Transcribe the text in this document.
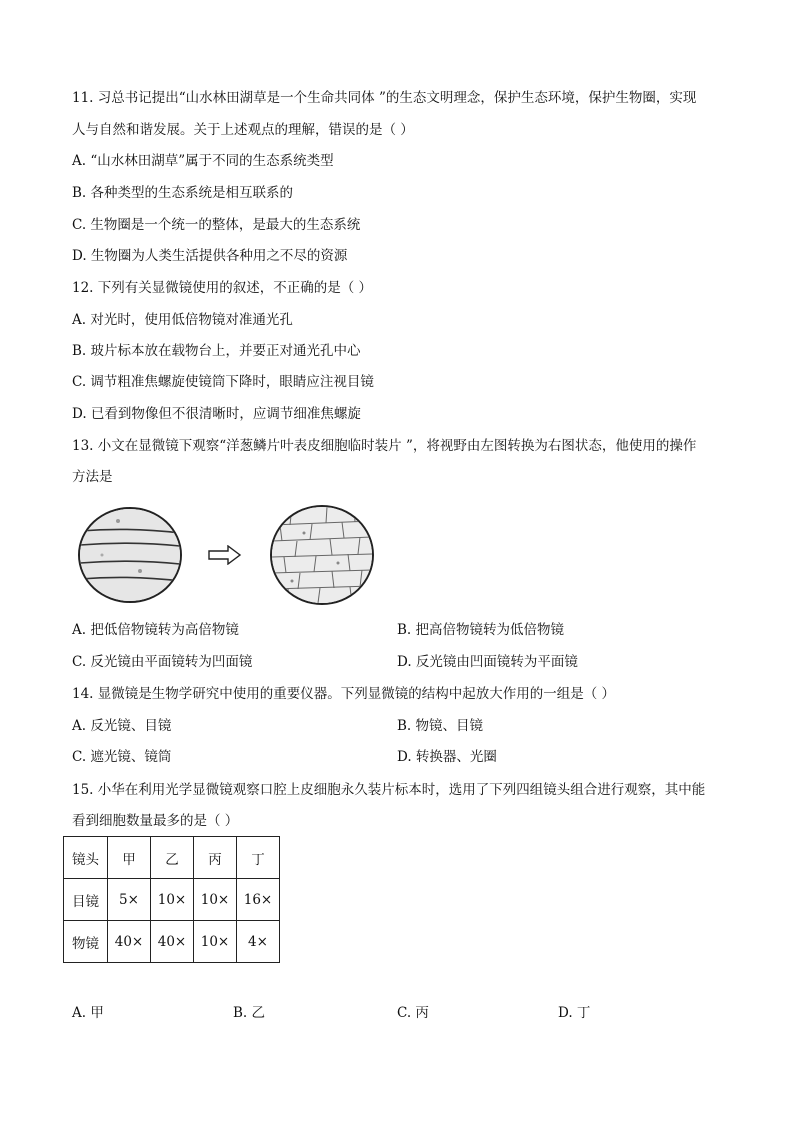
11. 习总书记提出“山水林田湖草是一个生命共同体 ”的生态文明理念，保护生态环境，保护生物圈，实现
人与自然和谐发展。关于上述观点的理解，错误的是（ ）
A. “山水林田湖草”属于不同的生态系统类型
B. 各种类型的生态系统是相互联系的
C. 生物圈是一个统一的整体，是最大的生态系统
D. 生物圈为人类生活提供各种用之不尽的资源
12. 下列有关显微镜使用的叙述，不正确的是（ ）
A. 对光时，使用低倍物镜对准通光孔
B. 玻片标本放在载物台上，并要正对通光孔中心
C. 调节粗准焦螺旋使镜筒下降时，眼睛应注视目镜
D. 已看到物像但不很清晰时，应调节细准焦螺旋
13. 小文在显微镜下观察“洋葱鳞片叶表皮细胞临时装片 ”，将视野由左图转换为右图状态，他使用的操作
方法是
A. 把低倍物镜转为高倍物镜	B. 把高倍物镜转为低倍物镜
C. 反光镜由平面镜转为凹面镜	D. 反光镜由凹面镜转为平面镜
14. 显微镜是生物学研究中使用的重要仪器。下列显微镜的结构中起放大作用的一组是（ ）
A. 反光镜、目镜	B. 物镜、目镜
C. 遮光镜、镜筒	D. 转换器、光圈
15. 小华在利用光学显微镜观察口腔上皮细胞永久装片标本时，选用了下列四组镜头组合进行观察，其中能
看到细胞数量最多的是（ ）
镜头	甲	乙	丙	丁
目镜	5×	10×	10×	16×
物镜	40×	40×	10×	4×
A. 甲	B. 乙	C. 丙	D. 丁
